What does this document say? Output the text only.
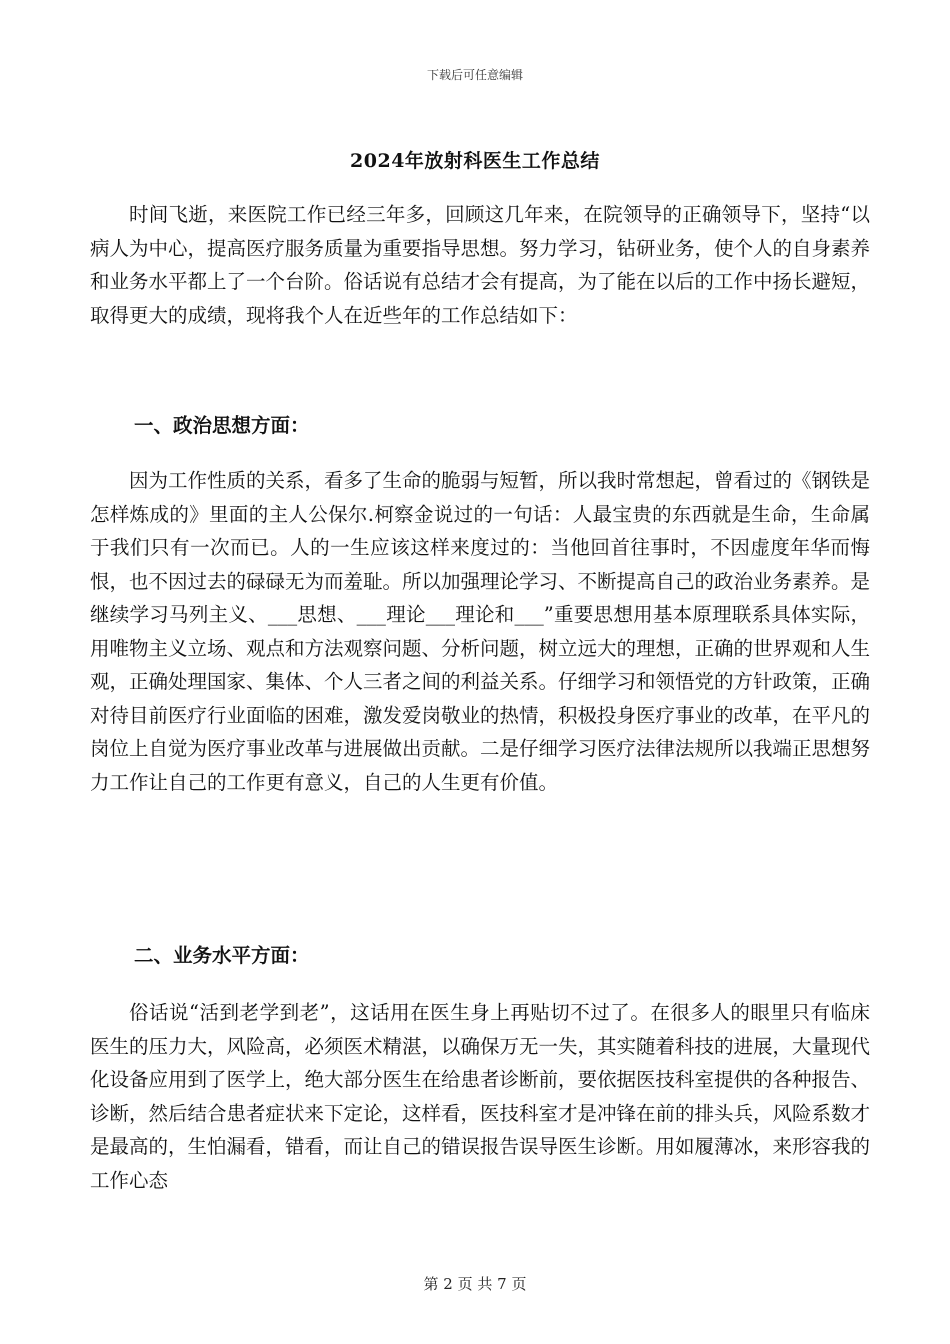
下载后可任意编辑
2024年放射科医生工作总结

时间飞逝，来医院工作已经三年多，回顾这几年来，在院领导的正确领导下，坚持“以病人为中心，提高医疗服务质量为重要指导思想。努力学习，钻研业务，使个人的自身素养和业务水平都上了一个台阶。俗话说有总结才会有提高，为了能在以后的工作中扬长避短，取得更大的成绩，现将我个人在近些年的工作总结如下：

一、政治思想方面：

因为工作性质的关系，看多了生命的脆弱与短暂，所以我时常想起，曾看过的《钢铁是怎样炼成的》里面的主人公保尔.柯察金说过的一句话：人最宝贵的东西就是生命，生命属于我们只有一次而已。人的一生应该这样来度过的：当他回首往事时，不因虚度年华而悔恨，也不因过去的碌碌无为而羞耻。所以加强理论学习、不断提高自己的政治业务素养。是继续学习马列主义、___思想、___理论___理论和___”重要思想用基本原理联系具体实际，用唯物主义立场、观点和方法观察问题、分析问题，树立远大的理想，正确的世界观和人生观，正确处理国家、集体、个人三者之间的利益关系。仔细学习和领悟党的方针政策，正确对待目前医疗行业面临的困难，激发爱岗敬业的热情，积极投身医疗事业的改革，在平凡的岗位上自觉为医疗事业改革与进展做出贡献。二是仔细学习医疗法律法规所以我端正思想努力工作让自己的工作更有意义，自己的人生更有价值。

二、业务水平方面：

俗话说“活到老学到老”，这话用在医生身上再贴切不过了。在很多人的眼里只有临床医生的压力大，风险高，必须医术精湛，以确保万无一失，其实随着科技的进展，大量现代化设备应用到了医学上，绝大部分医生在给患者诊断前，要依据医技科室提供的各种报告、诊断，然后结合患者症状来下定论，这样看，医技科室才是冲锋在前的排头兵，风险系数才是最高的，生怕漏看，错看，而让自己的错误报告误导医生诊断。用如履薄冰，来形容我的工作心态

第 2 页 共 7 页
